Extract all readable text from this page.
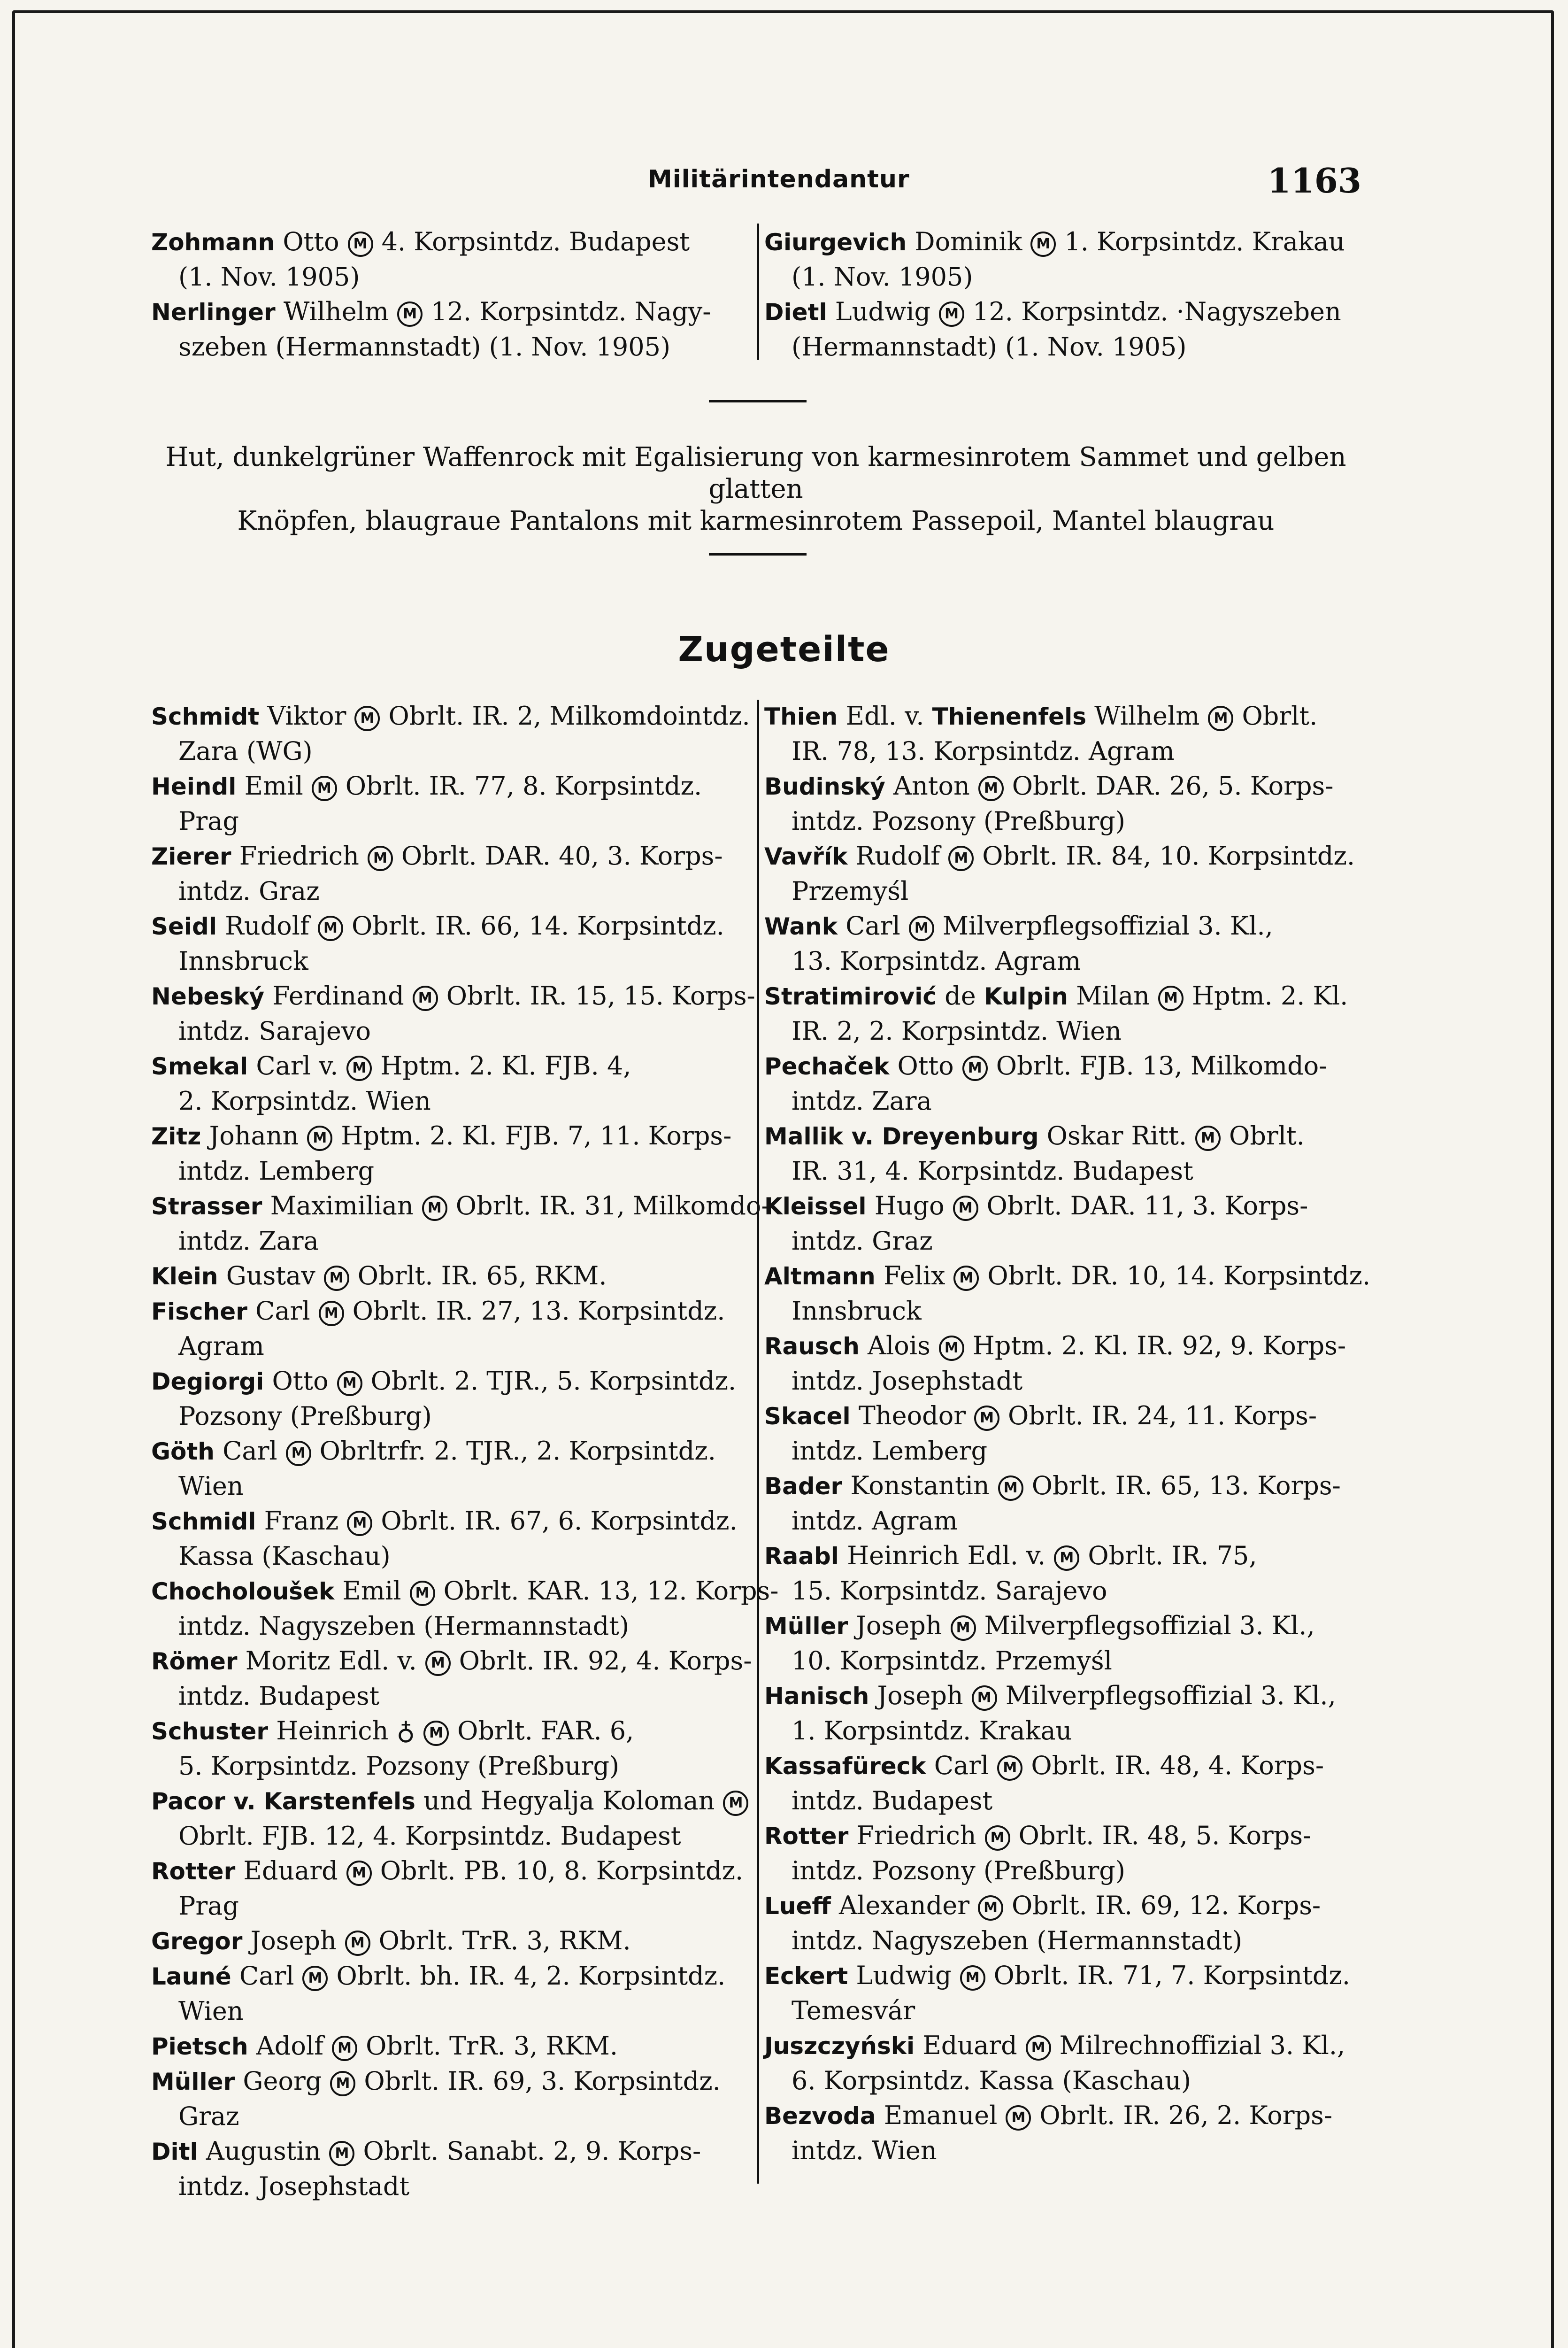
Militärintendantur	1163
Zohmann Otto M 4. Korpsintdz. Budapest
(1. Nov. 1905)
Nerlinger Wilhelm M 12. Korpsintdz. Nagy-
szeben (Hermannstadt) (1. Nov. 1905)
Giurgevich Dominik M 1. Korpsintdz. Krakau
(1. Nov. 1905)
Dietl Ludwig M 12. Korpsintdz. ·Nagyszeben
(Hermannstadt) (1. Nov. 1905)
Hut, dunkelgrüner Waffenrock mit Egalisierung von karmesinrotem Sammet und gelben glatten
Knöpfen, blaugraue Pantalons mit karmesinrotem Passepoil, Mantel blaugrau
Zugeteilte
Schmidt Viktor M Obrlt. IR. 2, Milkomdointdz.
Zara (WG)
Heindl Emil M Obrlt. IR. 77, 8. Korpsintdz.
Prag
Zierer Friedrich M Obrlt. DAR. 40, 3. Korps-
intdz. Graz
Seidl Rudolf M Obrlt. IR. 66, 14. Korpsintdz.
Innsbruck
Nebeský Ferdinand M Obrlt. IR. 15, 15. Korps-
intdz. Sarajevo
Smekal Carl v. M Hptm. 2. Kl. FJB. 4,
2. Korpsintdz. Wien
Zitz Johann M Hptm. 2. Kl. FJB. 7, 11. Korps-
intdz. Lemberg
Strasser Maximilian M Obrlt. IR. 31, Milkomdo-
intdz. Zara
Klein Gustav M Obrlt. IR. 65, RKM.
Fischer Carl M Obrlt. IR. 27, 13. Korpsintdz.
Agram
Degiorgi Otto M Obrlt. 2. TJR., 5. Korpsintdz.
Pozsony (Preßburg)
Göth Carl M Obrltrfr. 2. TJR., 2. Korpsintdz.
Wien
Schmidl Franz M Obrlt. IR. 67, 6. Korpsintdz.
Kassa (Kaschau)
Chocholoušek Emil M Obrlt. KAR. 13, 12. Korps-
intdz. Nagyszeben (Hermannstadt)
Römer Moritz Edl. v. M Obrlt. IR. 92, 4. Korps-
intdz. Budapest
Schuster Heinrich ♁ M Obrlt. FAR. 6,
5. Korpsintdz. Pozsony (Preßburg)
Pacor v. Karstenfels und Hegyalja Koloman M
Obrlt. FJB. 12, 4. Korpsintdz. Budapest
Rotter Eduard M Obrlt. PB. 10, 8. Korpsintdz.
Prag
Gregor Joseph M Obrlt. TrR. 3, RKM.
Launé Carl M Obrlt. bh. IR. 4, 2. Korpsintdz.
Wien
Pietsch Adolf M Obrlt. TrR. 3, RKM.
Müller Georg M Obrlt. IR. 69, 3. Korpsintdz.
Graz
Ditl Augustin M Obrlt. Sanabt. 2, 9. Korps-
intdz. Josephstadt
Thien Edl. v. Thienenfels Wilhelm M Obrlt.
IR. 78, 13. Korpsintdz. Agram
Budinský Anton M Obrlt. DAR. 26, 5. Korps-
intdz. Pozsony (Preßburg)
Vavřík Rudolf M Obrlt. IR. 84, 10. Korpsintdz.
Przemyśl
Wank Carl M Milverpflegsoffizial 3. Kl.,
13. Korpsintdz. Agram
Stratimirović de Kulpin Milan M Hptm. 2. Kl.
IR. 2, 2. Korpsintdz. Wien
Pechaček Otto M Obrlt. FJB. 13, Milkomdo-
intdz. Zara
Mallik v. Dreyenburg Oskar Ritt. M Obrlt.
IR. 31, 4. Korpsintdz. Budapest
Kleissel Hugo M Obrlt. DAR. 11, 3. Korps-
intdz. Graz
Altmann Felix M Obrlt. DR. 10, 14. Korpsintdz.
Innsbruck
Rausch Alois M Hptm. 2. Kl. IR. 92, 9. Korps-
intdz. Josephstadt
Skacel Theodor M Obrlt. IR. 24, 11. Korps-
intdz. Lemberg
Bader Konstantin M Obrlt. IR. 65, 13. Korps-
intdz. Agram
Raabl Heinrich Edl. v. M Obrlt. IR. 75,
15. Korpsintdz. Sarajevo
Müller Joseph M Milverpflegsoffizial 3. Kl.,
10. Korpsintdz. Przemyśl
Hanisch Joseph M Milverpflegsoffizial 3. Kl.,
1. Korpsintdz. Krakau
Kassafüreck Carl M Obrlt. IR. 48, 4. Korps-
intdz. Budapest
Rotter Friedrich M Obrlt. IR. 48, 5. Korps-
intdz. Pozsony (Preßburg)
Lueff Alexander M Obrlt. IR. 69, 12. Korps-
intdz. Nagyszeben (Hermannstadt)
Eckert Ludwig M Obrlt. IR. 71, 7. Korpsintdz.
Temesvár
Juszczyński Eduard M Milrechnoffizial 3. Kl.,
6. Korpsintdz. Kassa (Kaschau)
Bezvoda Emanuel M Obrlt. IR. 26, 2. Korps-
intdz. Wien
